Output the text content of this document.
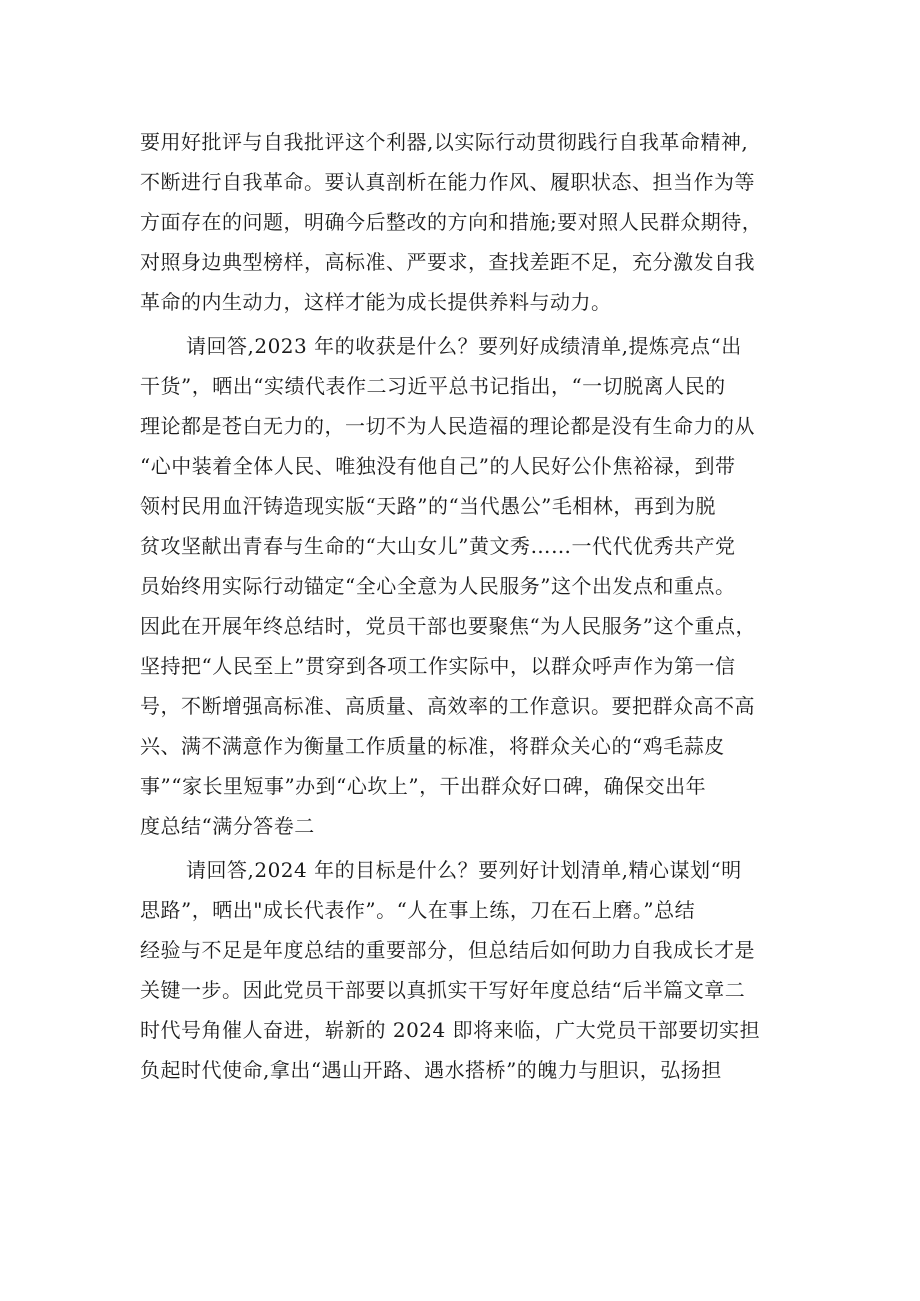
要用好批评与自我批评这个利器,以实际行动贯彻践行自我革命精神,
不断进行自我革命。要认真剖析在能力作风、履职状态、担当作为等
方面存在的问题，明确今后整改的方向和措施;要对照人民群众期待，
对照身边典型榜样，高标准、严要求，查找差距不足，充分激发自我
革命的内生动力，这样才能为成长提供养料与动力。
请回答,2023 年的收获是什么？要列好成绩清单,提炼亮点“出
干货”，晒出“实绩代表作二习近平总书记指出，“一切脱离人民的
理论都是苍白无力的，一切不为人民造福的理论都是没有生命力的从
“心中装着全体人民、唯独没有他自己”的人民好公仆焦裕禄，到带
领村民用血汗铸造现实版“天路”的“当代愚公”毛相林，再到为脱
贫攻坚献出青春与生命的“大山女儿”黄文秀……一代代优秀共产党
员始终用实际行动锚定“全心全意为人民服务”这个出发点和重点。
因此在开展年终总结时，党员干部也要聚焦“为人民服务”这个重点，
坚持把“人民至上”贯穿到各项工作实际中，以群众呼声作为第一信
号，不断增强高标准、高质量、高效率的工作意识。要把群众高不高
兴、满不满意作为衡量工作质量的标准，将群众关心的“鸡毛蒜皮
事”“家长里短事”办到“心坎上”，干出群众好口碑，确保交出年
度总结“满分答卷二
请回答,2024 年的目标是什么？要列好计划清单,精心谋划“明
思路”，晒出"成长代表作”。“人在事上练，刀在石上磨。”总结
经验与不足是年度总结的重要部分，但总结后如何助力自我成长才是
关键一步。因此党员干部要以真抓实干写好年度总结“后半篇文章二
时代号角催人奋进，崭新的 2024 即将来临，广大党员干部要切实担
负起时代使命,拿出“遇山开路、遇水搭桥”的魄力与胆识，弘扬担
